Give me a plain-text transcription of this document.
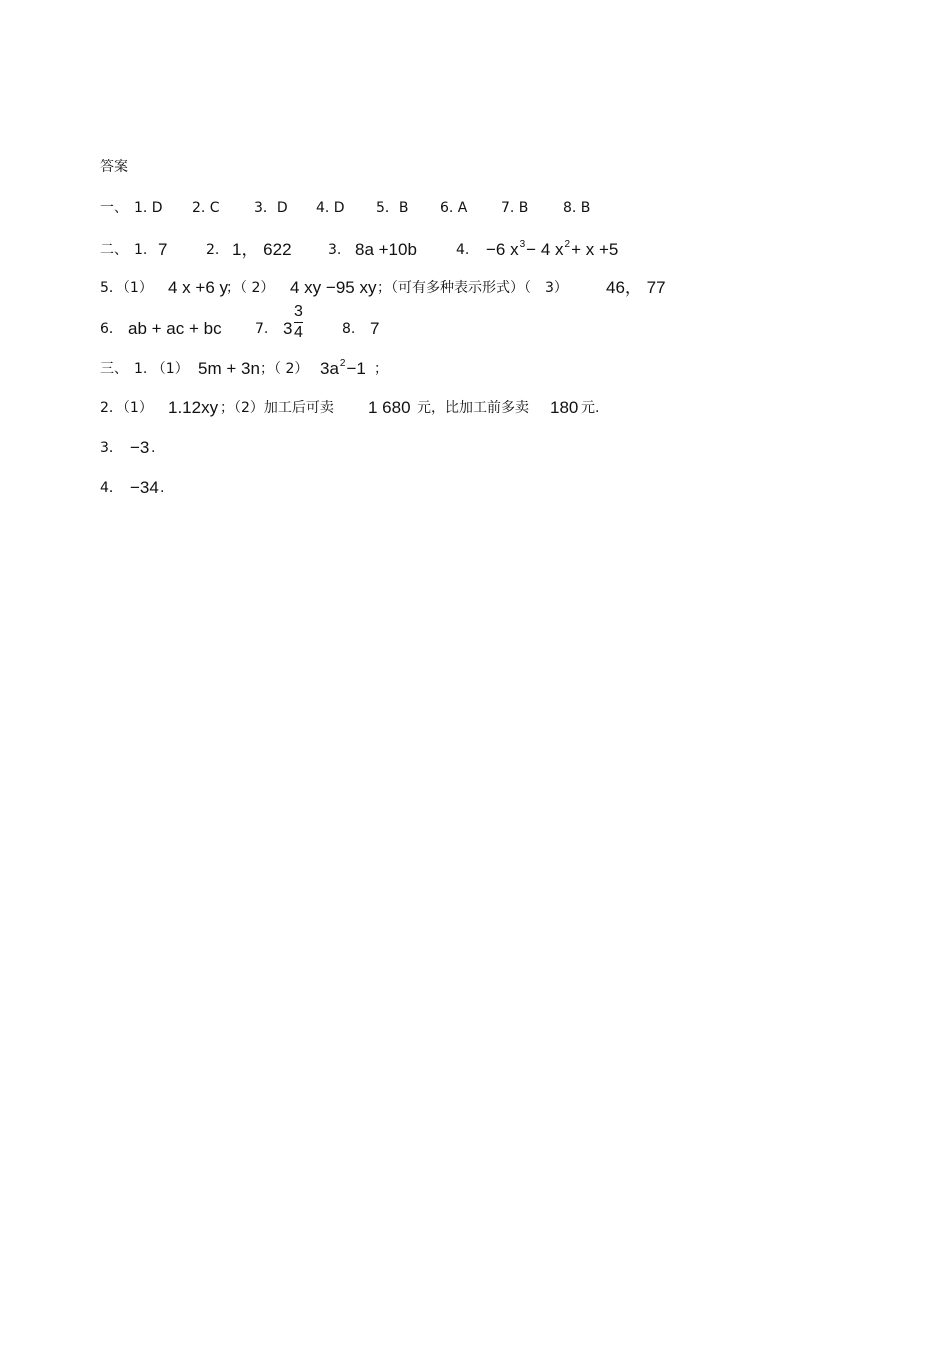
答案
一、 1. D 2. C 3．D 4. D 5．B 6. A 7. B 8. B
二、 1. 7	2. 1， 622	3. 8a +10b	4. −6 $x^3- 4$ $x^2+ x +5$
5．（1） 4 x +6 y
；（ 2） 4 xy −95 xy ；（可有多种表示形式）（　3） 46， 77
6． ab + ac + bc 7. 3
3
4	8. 7
三、 1. （1） 5m + 3n ；（ 2） $3a^2-1$ ；
2．（1） 1.12xy ；（2）加工后可卖 1 680 元，比加工前多卖 180 元.
3． −3 .
4． −34 .
